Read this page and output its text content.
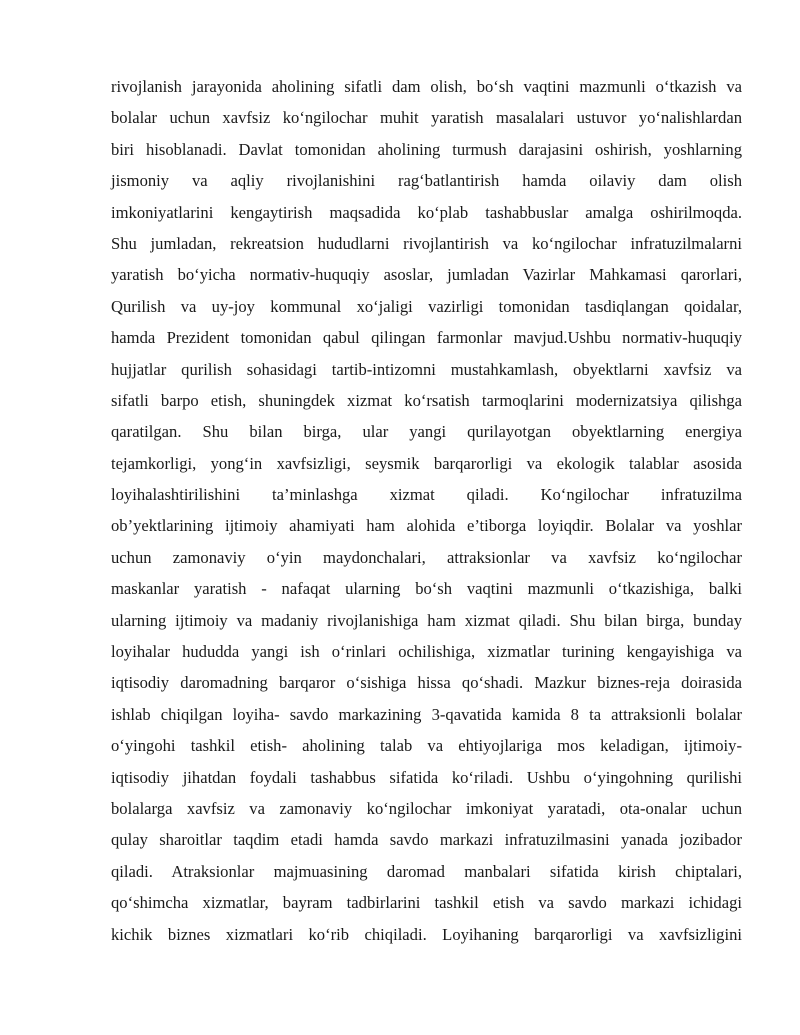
rivojlanish jarayonida aholining sifatli dam olish, bo‘sh vaqtini mazmunli o‘tkazish va
bolalar uchun xavfsiz ko‘ngilochar muhit yaratish masalalari ustuvor yo‘nalishlardan
biri hisoblanadi. Davlat tomonidan aholining turmush darajasini oshirish, yoshlarning
jismoniy va aqliy rivojlanishini rag‘batlantirish hamda oilaviy dam olish
imkoniyatlarini kengaytirish maqsadida ko‘plab tashabbuslar amalga oshirilmoqda.
Shu jumladan, rekreatsion hududlarni rivojlantirish va ko‘ngilochar infratuzilmalarni
yaratish bo‘yicha normativ-huquqiy asoslar, jumladan Vazirlar Mahkamasi qarorlari,
Qurilish va uy-joy kommunal xo‘jaligi vazirligi tomonidan tasdiqlangan qoidalar,
hamda Prezident tomonidan qabul qilingan farmonlar mavjud.Ushbu normativ-huquqiy
hujjatlar qurilish sohasidagi tartib-intizomni mustahkamlash, obyektlarni xavfsiz va
sifatli barpo etish, shuningdek xizmat ko‘rsatish tarmoqlarini modernizatsiya qilishga
qaratilgan. Shu bilan birga, ular yangi qurilayotgan obyektlarning energiya
tejamkorligi, yong‘in xavfsizligi, seysmik barqarorligi va ekologik talablar asosida
loyihalashtirilishini ta’minlashga xizmat qiladi. Ko‘ngilochar infratuzilma
ob’yektlarining ijtimoiy ahamiyati ham alohida e’tiborga loyiqdir. Bolalar va yoshlar
uchun zamonaviy o‘yin maydonchalari, attraksionlar va xavfsiz ko‘ngilochar
maskanlar yaratish - nafaqat ularning bo‘sh vaqtini mazmunli o‘tkazishiga, balki
ularning ijtimoiy va madaniy rivojlanishiga ham xizmat qiladi. Shu bilan birga, bunday
loyihalar hududda yangi ish o‘rinlari ochilishiga, xizmatlar turining kengayishiga va
iqtisodiy daromadning barqaror o‘sishiga hissa qo‘shadi. Mazkur biznes-reja doirasida
ishlab chiqilgan loyiha- savdo markazining 3-qavatida kamida 8 ta attraksionli bolalar
o‘yingohi tashkil etish- aholining talab va ehtiyojlariga mos keladigan, ijtimoiy-
iqtisodiy jihatdan foydali tashabbus sifatida ko‘riladi. Ushbu o‘yingohning qurilishi
bolalarga xavfsiz va zamonaviy ko‘ngilochar imkoniyat yaratadi, ota-onalar uchun
qulay sharoitlar taqdim etadi hamda savdo markazi infratuzilmasini yanada jozibador
qiladi. Atraksionlar majmuasining daromad manbalari sifatida kirish chiptalari,
qo‘shimcha xizmatlar, bayram tadbirlarini tashkil etish va savdo markazi ichidagi
kichik biznes xizmatlari ko‘rib chiqiladi. Loyihaning barqarorligi va xavfsizligini
